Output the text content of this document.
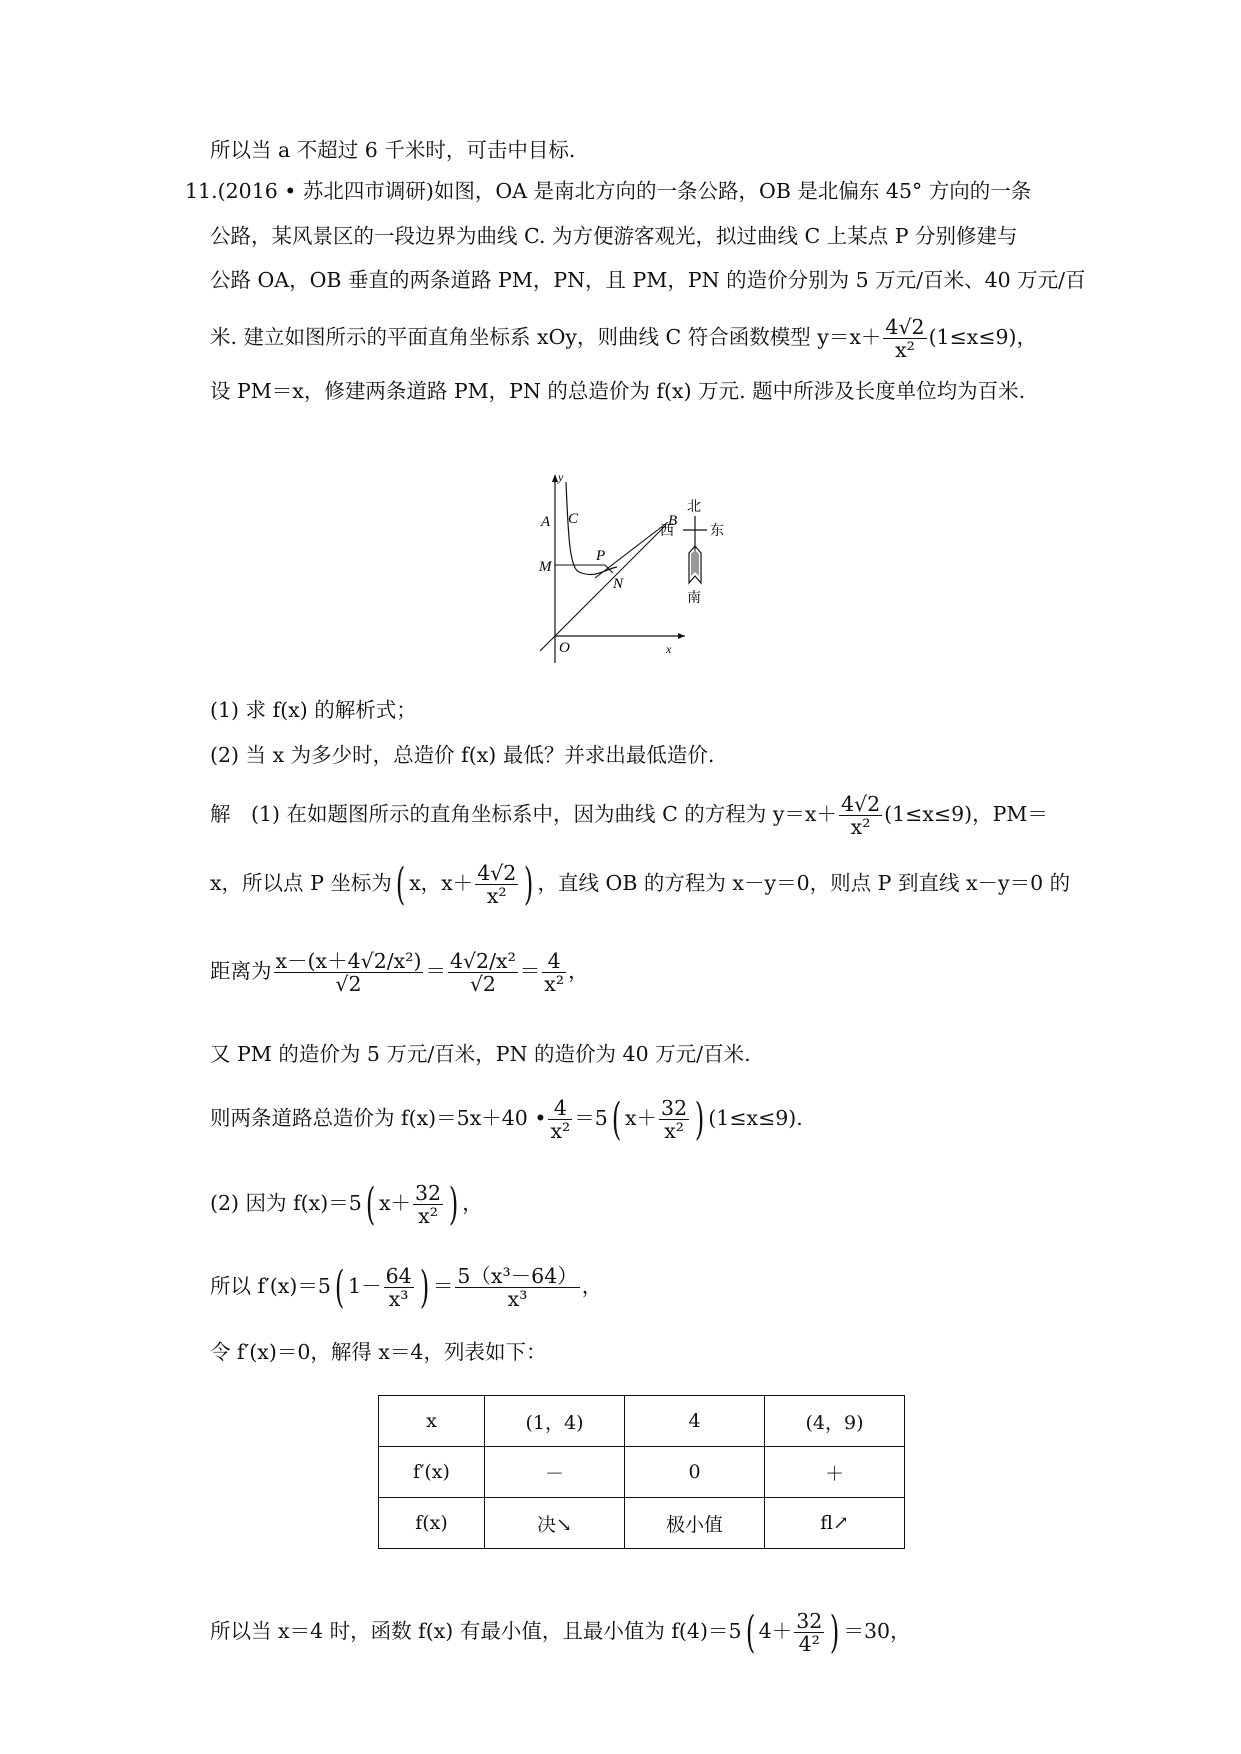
所以当 a 不超过 6 千米时，可击中目标.
11.(2016 • 苏北四市调研)如图，OA 是南北方向的一条公路，OB 是北偏东 45° 方向的一条
公路，某风景区的一段边界为曲线 C. 为方便游客观光，拟过曲线 C 上某点 P 分别修建与
公路 OA，OB 垂直的两条道路 PM，PN，且 PM，PN 的造价分别为 5 万元/百米、40 万元/百
米. 建立如图所示的平面直角坐标系 xOy，则曲线 C 符合函数模型 $y=x+ \frac{4√2}{\text{x²}} (1\le x\le 9)$，
设 PM＝x，修建两条道路 PM，PN 的总造价为 f(x) 万元. 题中所涉及长度单位均为百米.
y
A C	B
M
P
N
O	x
北
西	东
南
(1) 求 f(x) 的解析式；
(2) 当 x 为多少时，总造价 f(x) 最低？并求出最低造价.
解　(1) 在如题图所示的直角坐标系中，因为曲线 C 的方程为 $y=x+ \frac{4√2}{\text{x²}} (1\le x\le 9)$，PM＝
x，所以点 P 坐标为( x，$x+ \frac{4√2}{\text{x²}}$ ) ，直线 OB 的方程为 x－y＝0，则点 P 到直线 x－y＝0 的
距离为 $\frac{\text{x－(x＋4√2/x²)}}{√2} = \frac{\text{4√2/x²}}{√2} = \frac{4}{\text{x²}}$ ，
又 PM 的造价为 5 万元/百米，PN 的造价为 40 万元/百米.
则两条道路总造价为 f(x)＝5x＋40 • $\frac{4}{\text{x²}} =5$( $x+ \frac{32}{\text{x²}}$ ) (1≤x≤9).
(2) 因为 f(x)＝5( $x+ \frac{32}{\text{x²}}$ ) ，
所以 f′(x)＝5( $1- \frac{64}{\text{x³}}$ ) ＝ $\frac{\text{5（x³－64）}}{\text{x³}}$ ，
令 f′(x)＝0，解得 x＝4，列表如下：
x	(1，4)	4	(4，9)
f′(x)	－	0	＋
f(x)	决↘	极小值	fl↗
所以当 x＝4 时，函数 f(x) 有最小值，且最小值为 f(4)＝5( $4+ \frac{32}{\text{4²}}$ ) ＝30，
